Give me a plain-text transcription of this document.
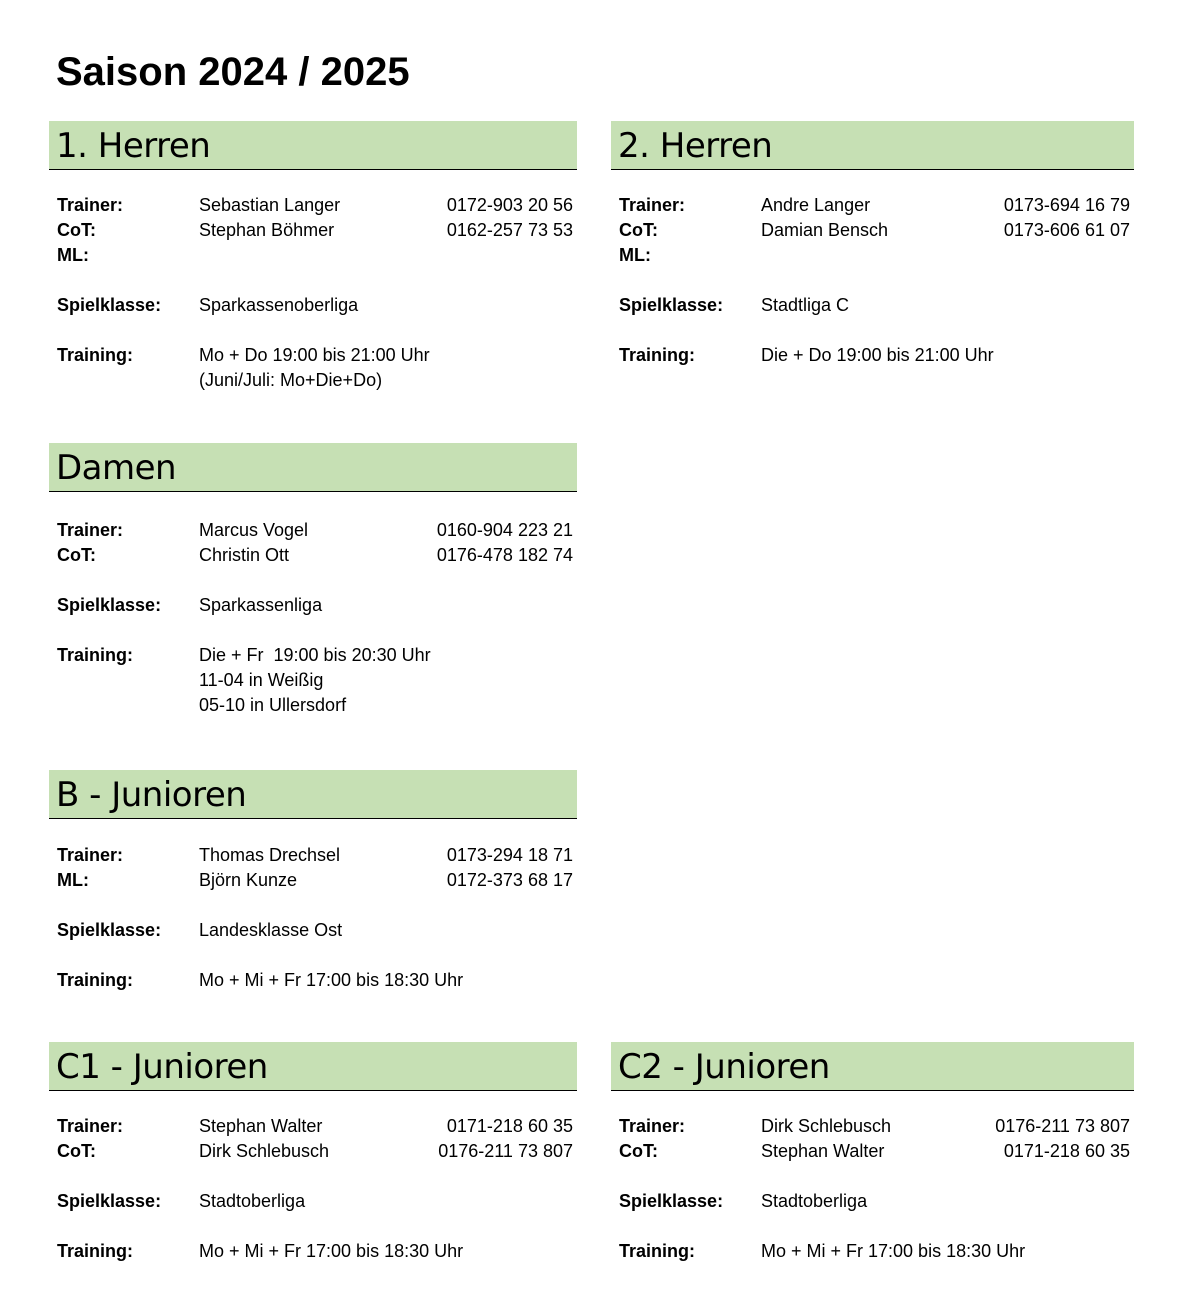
Saison 2024 / 2025
1. Herren
Trainer:	Sebastian Langer	0172-903 20 56
CoT:	Stephan Böhmer	0162-257 73 53
ML:
Spielklasse: Sparkassenoberliga
Training:	Mo + Do 19:00 bis 21:00 Uhr
(Juni/Juli: Mo+Die+Do)
2. Herren
Trainer:	Andre Langer	0173-694 16 79
CoT:	Damian Bensch	0173-606 61 07
ML:
Spielklasse: Stadtliga C
Training:	Die + Do 19:00 bis 21:00 Uhr
Damen
Trainer:	Marcus Vogel	0160-904 223 21
CoT:	Christin Ott	0176-478 182 74
Spielklasse: Sparkassenliga
Training:	Die + Fr  19:00 bis 20:30 Uhr
11-04 in Weißig
05-10 in Ullersdorf
B - Junioren
Trainer:	Thomas Drechsel	0173-294 18 71
ML:	Björn Kunze	0172-373 68 17
Spielklasse: Landesklasse Ost
Training:	Mo + Mi + Fr 17:00 bis 18:30 Uhr
C1 - Junioren
Trainer:	Stephan Walter	0171-218 60 35
CoT:	Dirk Schlebusch	0176-211 73 807
Spielklasse: Stadtoberliga
Training:	Mo + Mi + Fr 17:00 bis 18:30 Uhr
C2 - Junioren
Trainer:	Dirk Schlebusch	0176-211 73 807
CoT:	Stephan Walter	0171-218 60 35
Spielklasse: Stadtoberliga
Training:	Mo + Mi + Fr 17:00 bis 18:30 Uhr
